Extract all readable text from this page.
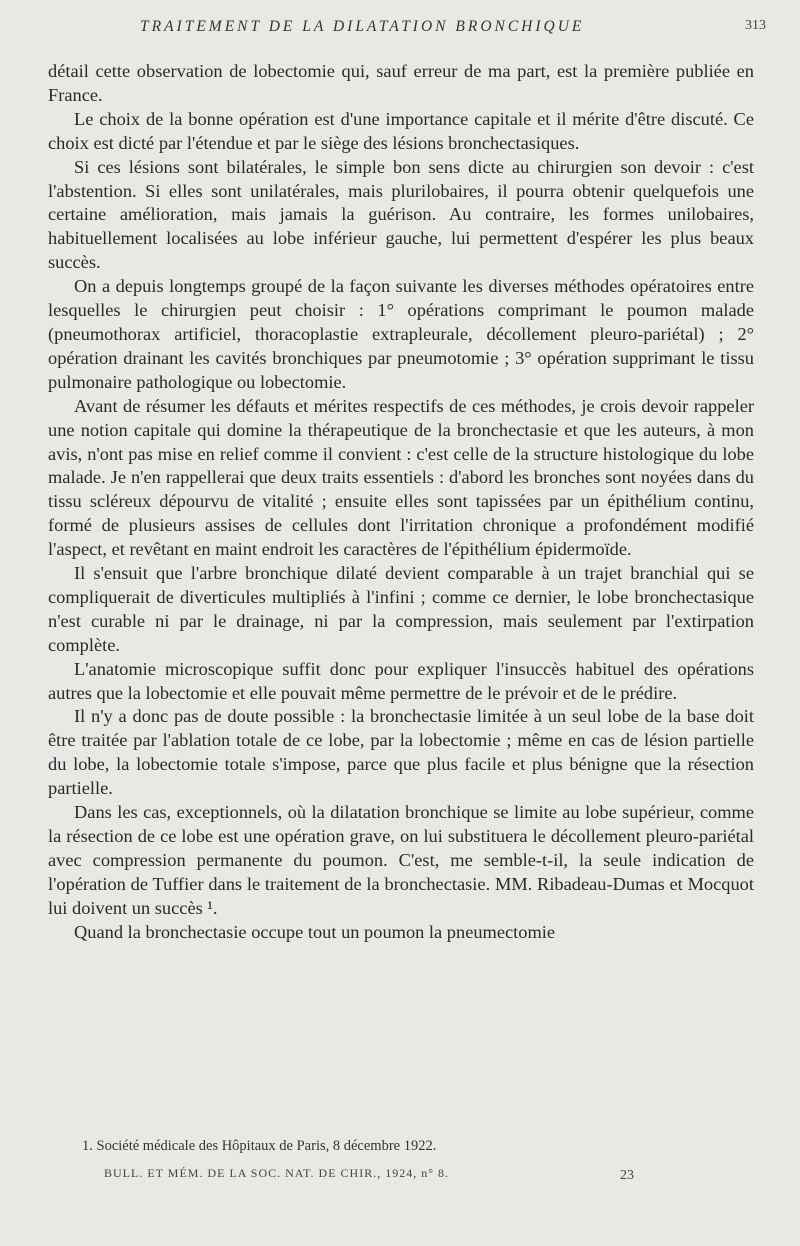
TRAITEMENT DE LA DILATATION BRONCHIQUE	313

détail cette observation de lobectomie qui, sauf erreur de ma part, est la première publiée en France.

Le choix de la bonne opération est d'une importance capitale et il mérite d'être discuté. Ce choix est dicté par l'étendue et par le siège des lésions bronchectasiques.

Si ces lésions sont bilatérales, le simple bon sens dicte au chirurgien son devoir : c'est l'abstention. Si elles sont unilatérales, mais plurilobaires, il pourra obtenir quelquefois une certaine amélioration, mais jamais la guérison. Au contraire, les formes unilobaires, habituellement localisées au lobe inférieur gauche, lui permettent d'espérer les plus beaux succès.

On a depuis longtemps groupé de la façon suivante les diverses méthodes opératoires entre lesquelles le chirurgien peut choisir : 1° opérations comprimant le poumon malade (pneumothorax artificiel, thoracoplastie extrapleurale, décollement pleuro-pariétal) ; 2° opération drainant les cavités bronchiques par pneumotomie ; 3° opération supprimant le tissu pulmonaire pathologique ou lobectomie.

Avant de résumer les défauts et mérites respectifs de ces méthodes, je crois devoir rappeler une notion capitale qui domine la thérapeutique de la bronchectasie et que les auteurs, à mon avis, n'ont pas mise en relief comme il convient : c'est celle de la structure histologique du lobe malade. Je n'en rappellerai que deux traits essentiels : d'abord les bronches sont noyées dans du tissu scléreux dépourvu de vitalité ; ensuite elles sont tapissées par un épithélium continu, formé de plusieurs assises de cellules dont l'irritation chronique a profondément modifié l'aspect, et revêtant en maint endroit les caractères de l'épithélium épidermoïde.

Il s'ensuit que l'arbre bronchique dilaté devient comparable à un trajet branchial qui se compliquerait de diverticules multipliés à l'infini ; comme ce dernier, le lobe bronchectasique n'est curable ni par le drainage, ni par la compression, mais seulement par l'extirpation complète.

L'anatomie microscopique suffit donc pour expliquer l'insuccès habituel des opérations autres que la lobectomie et elle pouvait même permettre de le prévoir et de le prédire.

Il n'y a donc pas de doute possible : la bronchectasie limitée à un seul lobe de la base doit être traitée par l'ablation totale de ce lobe, par la lobectomie ; même en cas de lésion partielle du lobe, la lobectomie totale s'impose, parce que plus facile et plus bénigne que la résection partielle.

Dans les cas, exceptionnels, où la dilatation bronchique se limite au lobe supérieur, comme la résection de ce lobe est une opération grave, on lui substituera le décollement pleuro-pariétal avec compression permanente du poumon. C'est, me semble-t-il, la seule indication de l'opération de Tuffier dans le traitement de la bronchectasie. MM. Ribadeau-Dumas et Mocquot lui doivent un succès ¹.

Quand la bronchectasie occupe tout un poumon la pneumectomie

1. Société médicale des Hôpitaux de Paris, 8 décembre 1922.
BULL. ET MÉM. DE LA SOC. NAT. DE CHIR., 1924, n° 8.	23
